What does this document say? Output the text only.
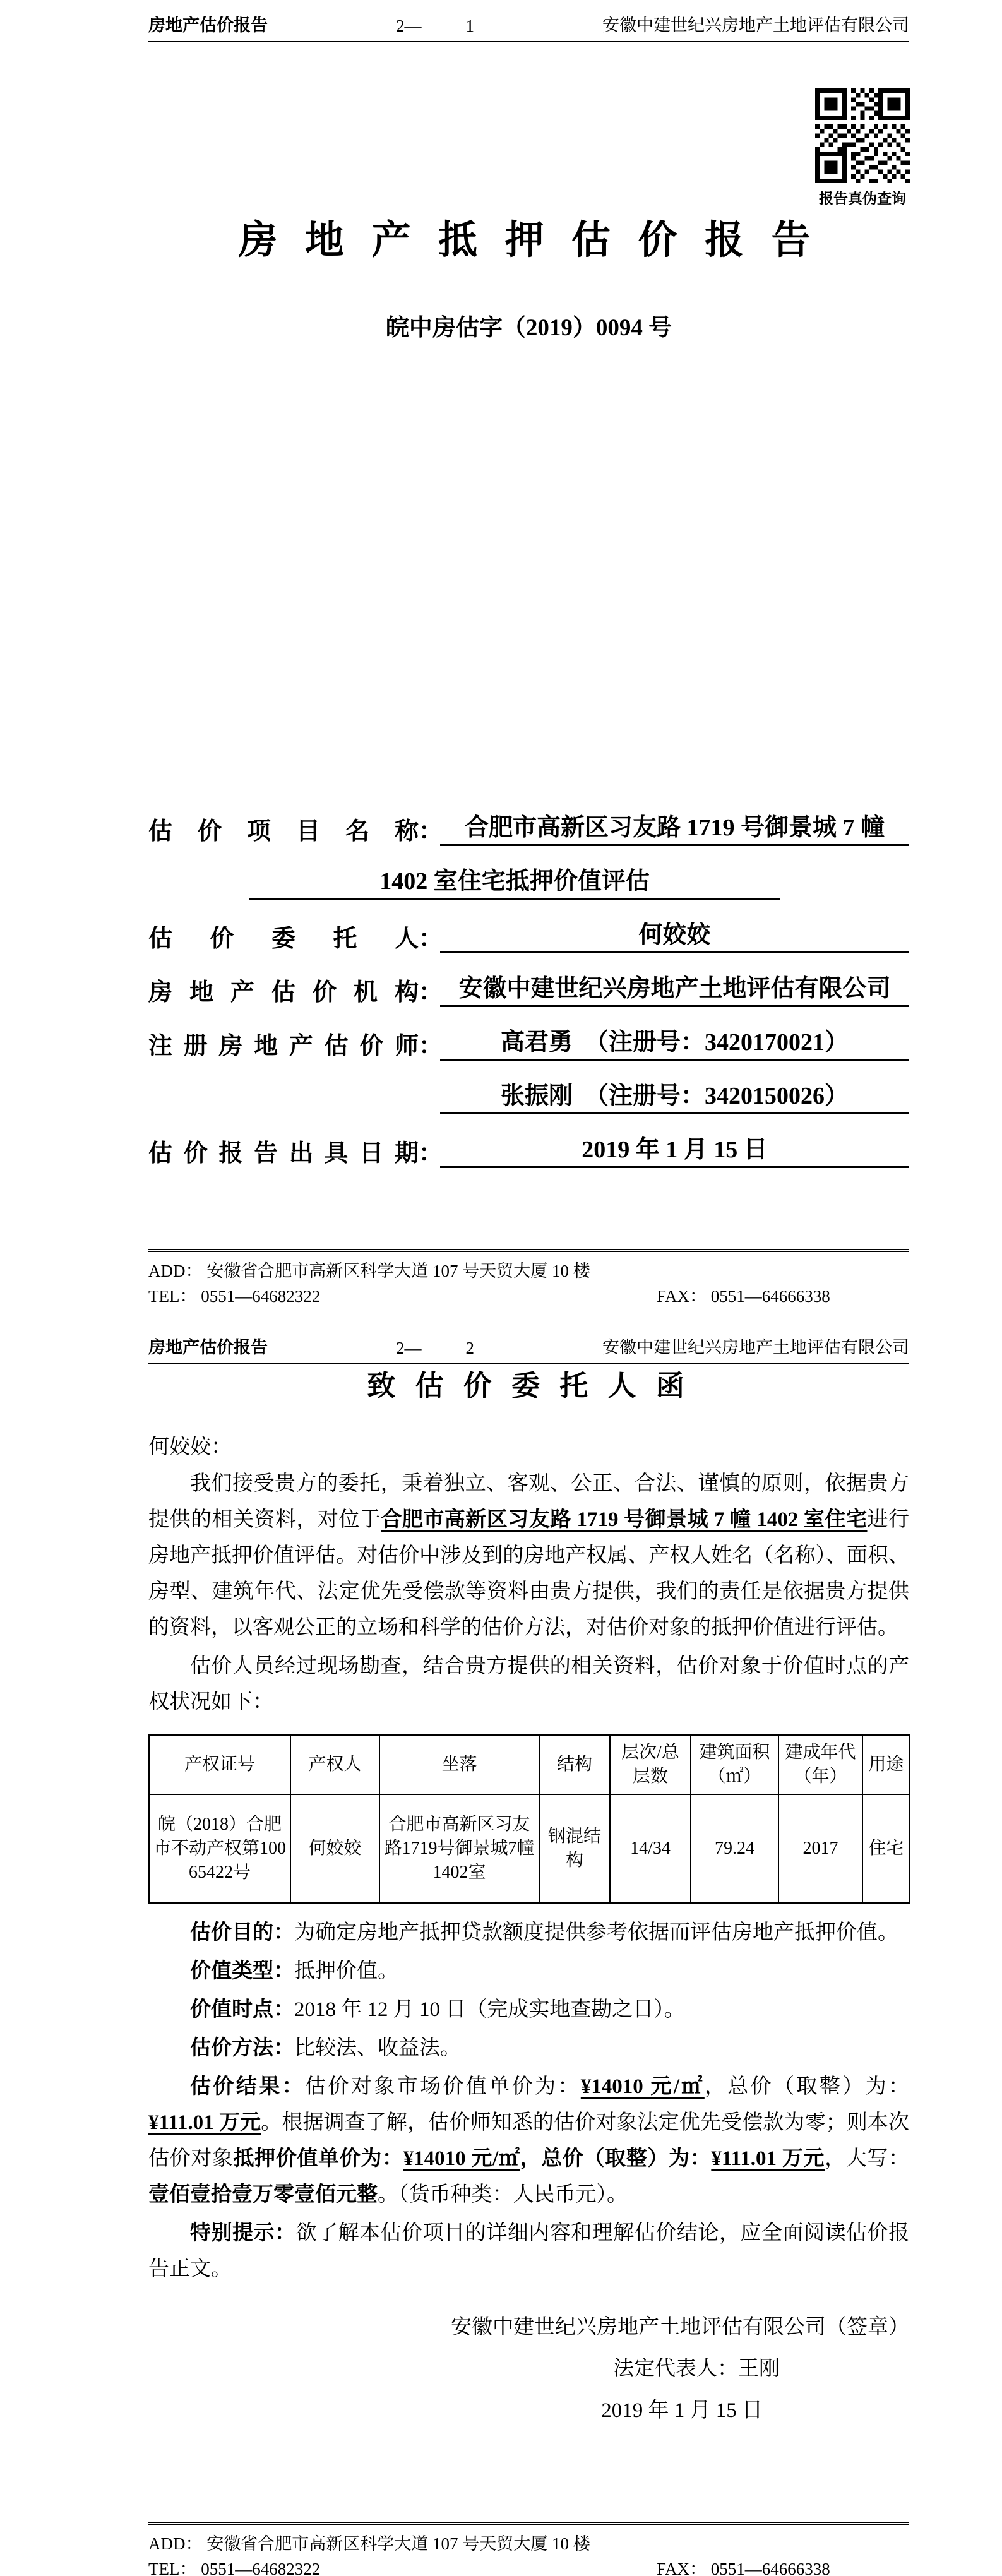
房地产估价报告	2—	1	安徽中建世纪兴房地产土地评估有限公司
报告真伪查询
房 地 产 抵 押 估 价 报 告
皖中房估字（2019）0094 号
估价项目名称 ： 合肥市高新区习友路 1719 号御景城 7 幢
1402 室住宅抵押价值评估
估价委托人 ：	何姣姣
房地产估价机构 ： 安徽中建世纪兴房地产土地评估有限公司
注册房地产估价师 ：	高君勇　（注册号：3420170021）
张振刚　（注册号：3420150026）
估价报告出具日期 ：	2019 年 1 月 15 日
ADD： 安徽省合肥市高新区科学大道 107 号天贸大厦 10 楼
TEL： 0551—64682322	FAX： 0551—64666338
房地产估价报告	2—	2	安徽中建世纪兴房地产土地评估有限公司
致 估 价 委 托 人 函
何姣姣：

我们接受贵方的委托，秉着独立、客观、公正、合法、谨慎的原则，依据贵方提供的相关资料，对位于合肥市高新区习友路 1719 号御景城 7 幢 1402 室住宅进行房地产抵押价值评估。对估价中涉及到的房地产权属、产权人姓名（名称）、面积、房型、建筑年代、法定优先受偿款等资料由贵方提供，我们的责任是依据贵方提供的资料，以客观公正的立场和科学的估价方法，对估价对象的抵押价值进行评估。

估价人员经过现场勘查，结合贵方提供的相关资料，估价对象于价值时点的产权状况如下：

产权证号	产权人	坐落	结构	层次/总层数	建筑面积（㎡）	建成年代（年）	用途
皖（2018）合肥市不动产权第10065422号	何姣姣	合肥市高新区习友路1719号御景城7幢1402室	钢混结构	14/34	79.24	2017	住宅

估价目的：为确定房地产抵押贷款额度提供参考依据而评估房地产抵押价值。

价值类型：抵押价值。

价值时点：2018 年 12 月 10 日（完成实地查勘之日）。

估价方法：比较法、收益法。

估价结果：估价对象市场价值单价为：¥14010 元/㎡，总价（取整）为：¥111.01 万元。根据调查了解，估价师知悉的估价对象法定优先受偿款为零；则本次估价对象抵押价值单价为：¥14010 元/㎡，总价（取整）为：¥111.01 万元，大写：壹佰壹拾壹万零壹佰元整。（货币种类：人民币元）。

特别提示：欲了解本估价项目的详细内容和理解估价结论，应全面阅读估价报告正文。

安徽中建世纪兴房地产土地评估有限公司（签章）
法定代表人：王刚
2019 年 1 月 15 日
ADD： 安徽省合肥市高新区科学大道 107 号天贸大厦 10 楼
TEL： 0551—64682322	FAX： 0551—64666338
